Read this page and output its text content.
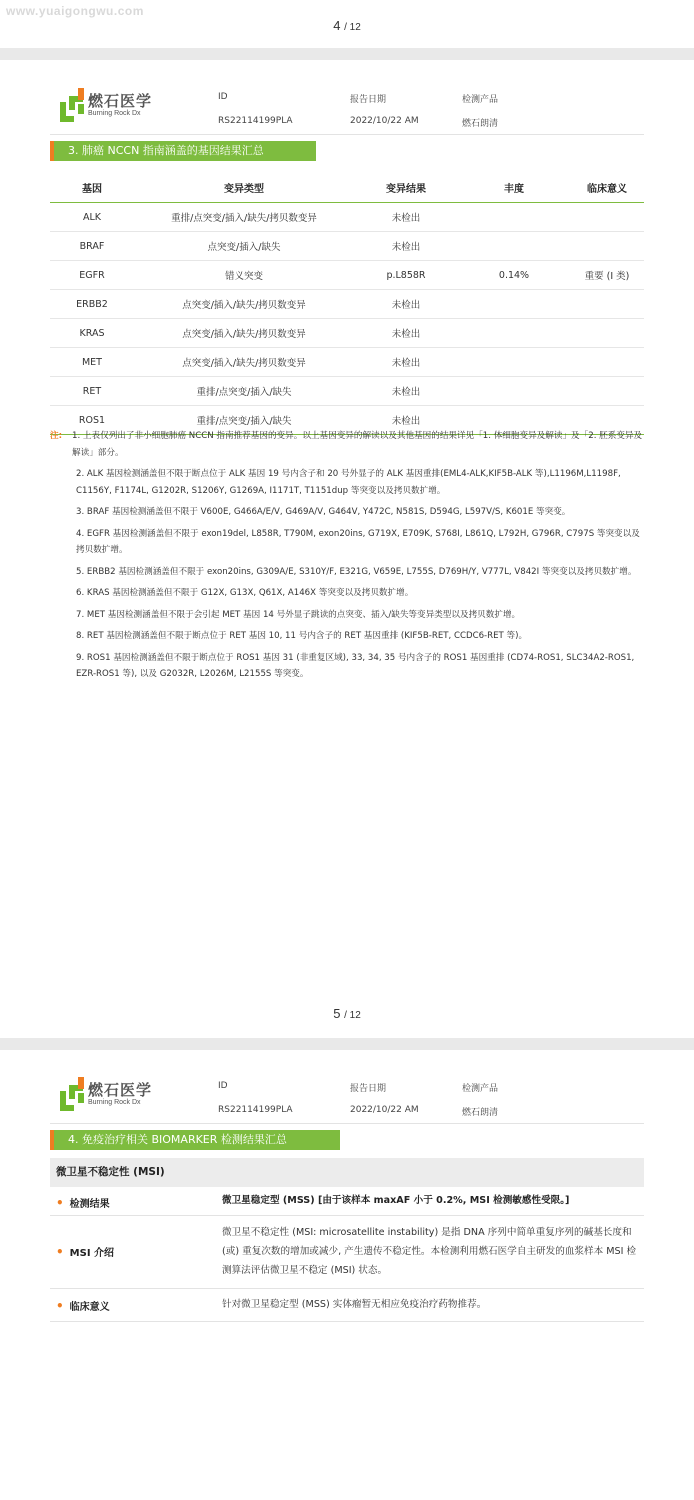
www.yuaigongwu.com
4 / 12
燃石医学
Burning Rock Dx
ID	报告日期	检测产品
RS22114199PLA	2022/10/22 AM	燃石朗清
3. 肺癌 NCCN 指南涵盖的基因结果汇总
基因	变异类型	变异结果	丰度	临床意义
ALK	重排/点突变/插入/缺失/拷贝数变异	未检出		
BRAF	点突变/插入/缺失	未检出		
EGFR	错义突变	p.L858R	0.14%	重要 (I 类)
ERBB2	点突变/插入/缺失/拷贝数变异	未检出		
KRAS	点突变/插入/缺失/拷贝数变异	未检出		
MET	点突变/插入/缺失/拷贝数变异	未检出		
RET	重排/点突变/插入/缺失	未检出		
ROS1	重排/点突变/插入/缺失	未检出		
注:	1. 上表仅列出了非小细胞肺癌 NCCN 指南推荐基因的变异。以上基因变异的解读以及其他基因的结果详见「1. 体细胞变异及解读」及「2. 胚系变异及解读」部分。

2. ALK 基因检测涵盖但不限于断点位于 ALK 基因 19 号内含子和 20 号外显子的 ALK 基因重排(EML4-ALK,KIF5B-ALK 等),L1196M,L1198F, C1156Y, F1174L, G1202R, S1206Y, G1269A, I1171T, T1151dup 等突变以及拷贝数扩增。

3. BRAF 基因检测涵盖但不限于 V600E, G466A/E/V, G469A/V, G464V, Y472C, N581S, D594G, L597V/S, K601E 等突变。

4. EGFR 基因检测涵盖但不限于 exon19del, L858R, T790M, exon20ins, G719X, E709K, S768I, L861Q, L792H, G796R, C797S 等突变以及拷贝数扩增。

5. ERBB2 基因检测涵盖但不限于 exon20ins, G309A/E, S310Y/F, E321G, V659E, L755S, D769H/Y, V777L, V842I 等突变以及拷贝数扩增。

6. KRAS 基因检测涵盖但不限于 G12X, G13X, Q61X, A146X 等突变以及拷贝数扩增。

7. MET 基因检测涵盖但不限于会引起 MET 基因 14 号外显子跳读的点突变、插入/缺失等变异类型以及拷贝数扩增。

8. RET 基因检测涵盖但不限于断点位于 RET 基因 10, 11 号内含子的 RET 基因重排 (KIF5B-RET, CCDC6-RET 等)。

9. ROS1 基因检测涵盖但不限于断点位于 ROS1 基因 31 (非重复区域), 33, 34, 35 号内含子的 ROS1 基因重排 (CD74-ROS1, SLC34A2-ROS1, EZR-ROS1 等), 以及 G2032R, L2026M, L2155S 等突变。

5 / 12
燃石医学
Burning Rock Dx
ID	报告日期	检测产品
RS22114199PLA	2022/10/22 AM	燃石朗清
4. 免疫治疗相关 BIOMARKER 检测结果汇总
微卫星不稳定性 (MSI)
• 检测结果	微卫星稳定型 (MSS) [由于该样本 maxAF 小于 0.2%, MSI 检测敏感性受限。]
• MSI 介绍
微卫星不稳定性 (MSI: microsatellite instability) 是指 DNA 序列中简单重复序列的碱基长度和 (或) 重复次数的增加或减少, 产生遗传不稳定性。本检测利用燃石医学自主研发的血浆样本 MSI 检测算法评估微卫星不稳定 (MSI) 状态。
• 临床意义	针对微卫星稳定型 (MSS) 实体瘤暂无相应免疫治疗药物推荐。
